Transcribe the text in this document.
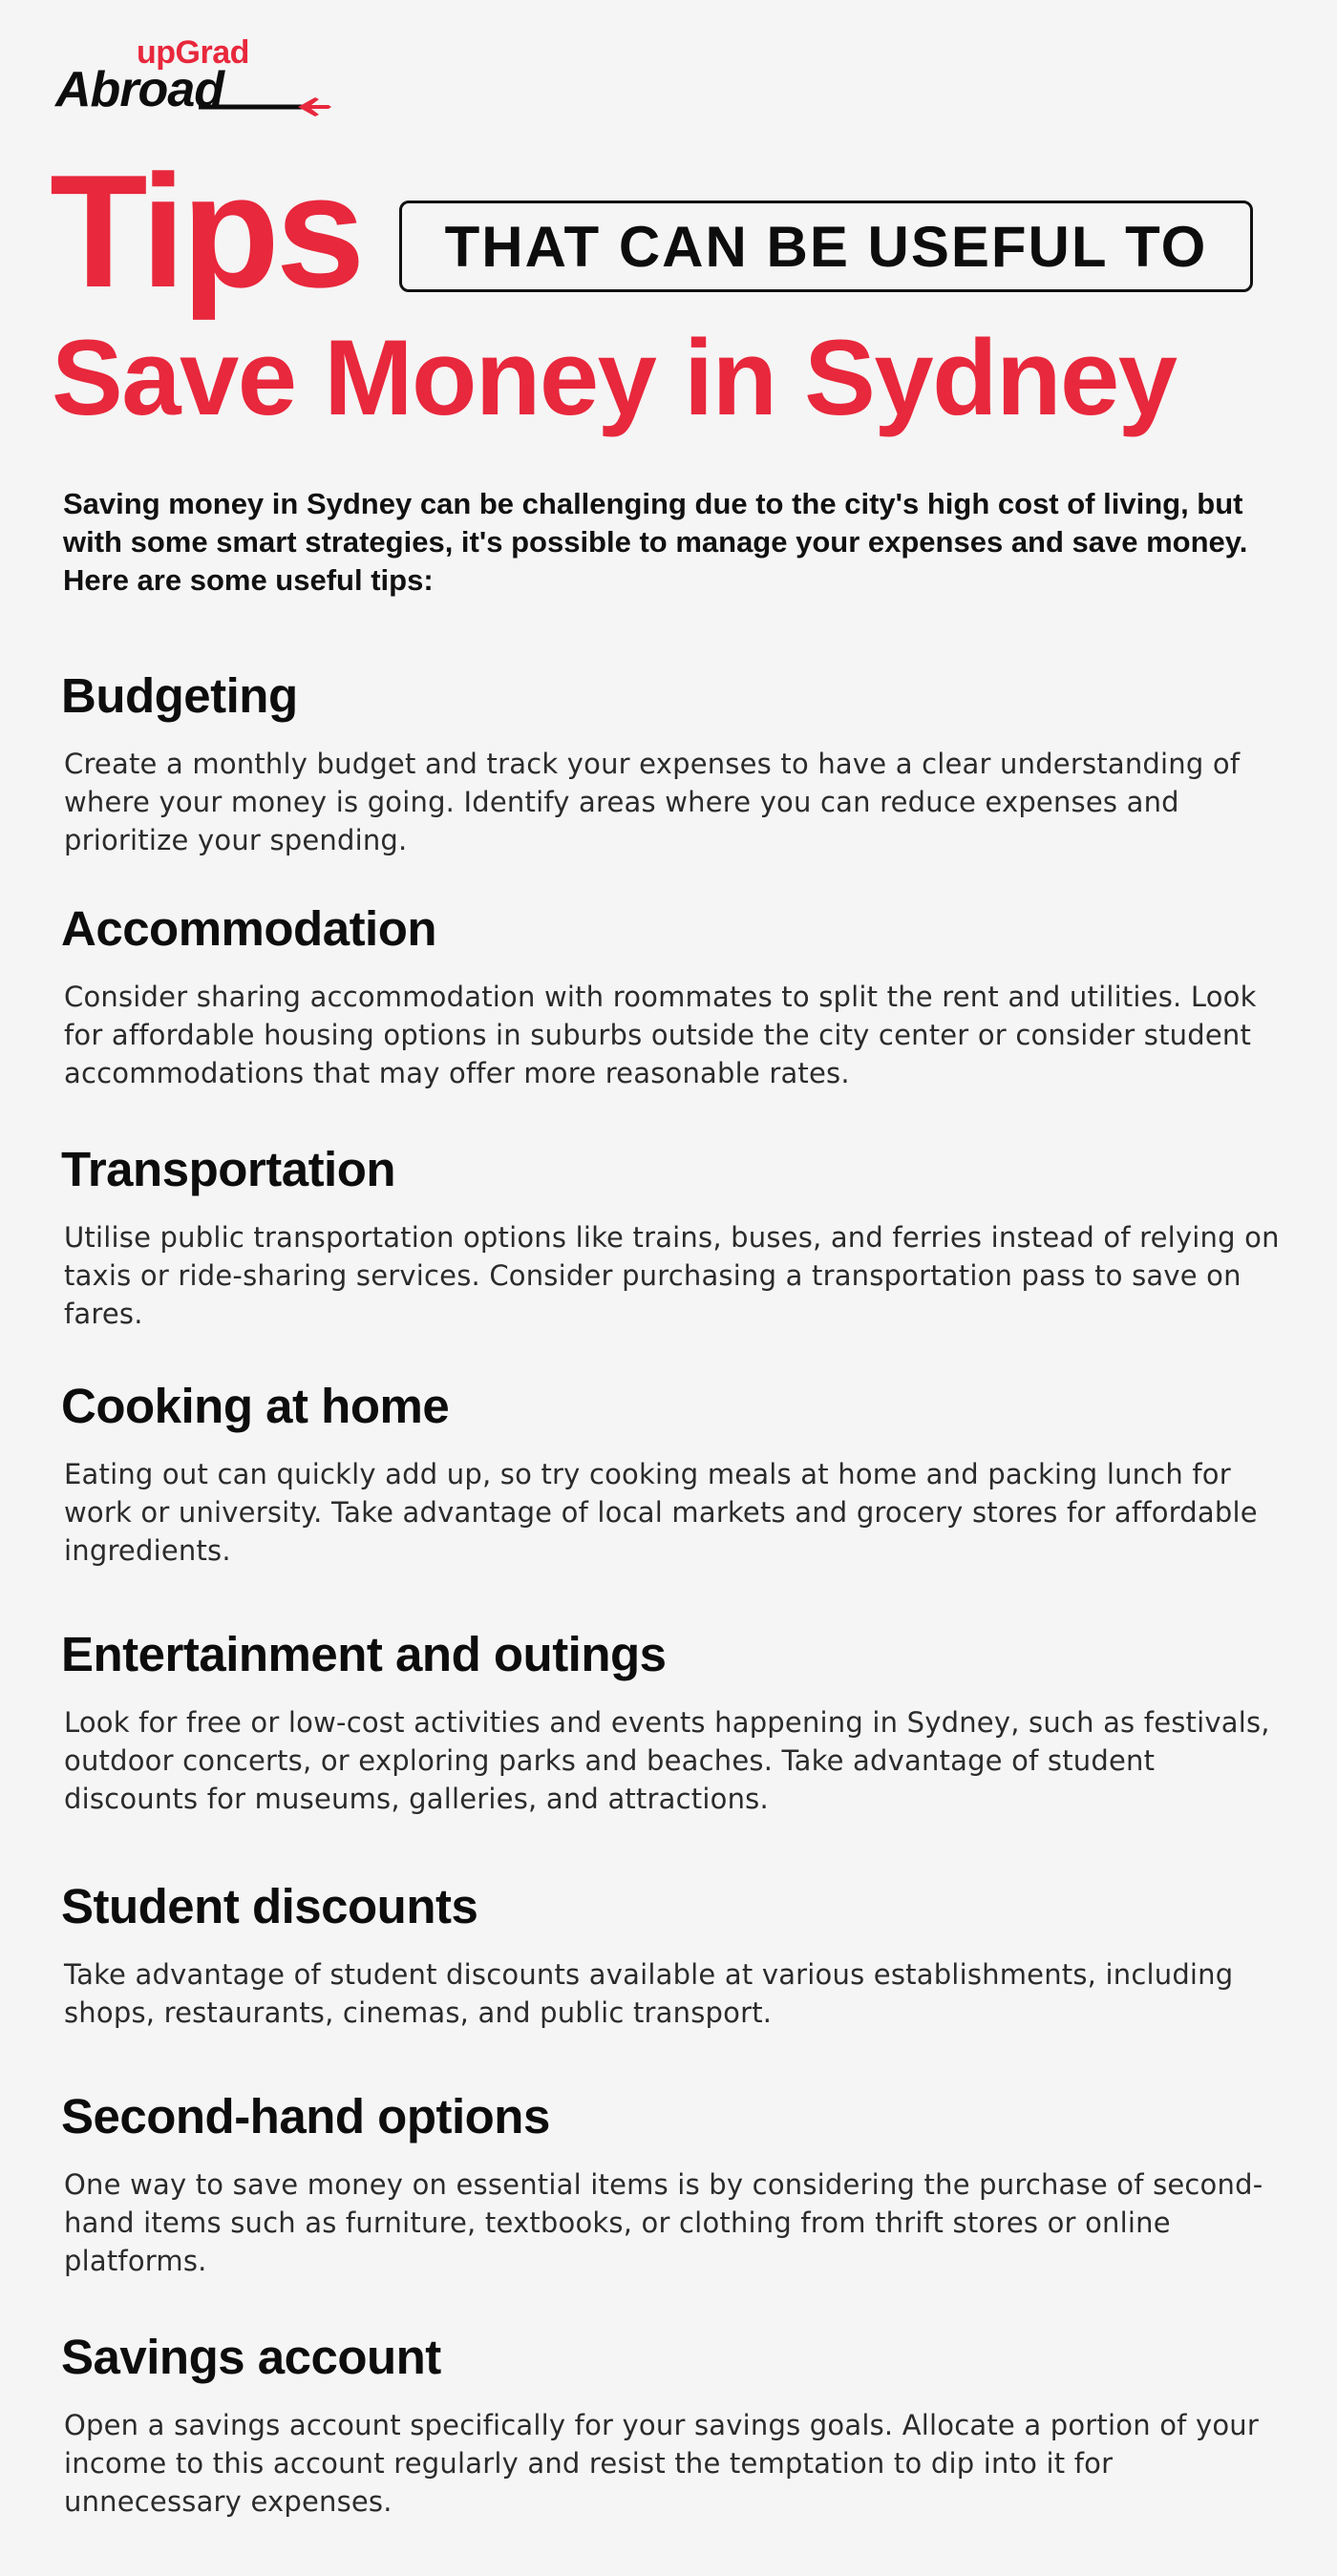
upGrad
Abroad
Tips	THAT CAN BE USEFUL TO
Save Money in Sydney
Saving money in Sydney can be challenging due to the city's high cost of living, but with some smart strategies, it's possible to manage your expenses and save money. Here are some useful tips:
Budgeting

Create a monthly budget and track your expenses to have a clear understanding of where your money is going. Identify areas where you can reduce expenses and prioritize your spending.

Accommodation

Consider sharing accommodation with roommates to split the rent and utilities. Look for affordable housing options in suburbs outside the city center or consider student accommodations that may offer more reasonable rates.

Transportation

Utilise public transportation options like trains, buses, and ferries instead of relying on taxis or ride-sharing services. Consider purchasing a transportation pass to save on fares.

Cooking at home

Eating out can quickly add up, so try cooking meals at home and packing lunch for work or university. Take advantage of local markets and grocery stores for affordable ingredients.

Entertainment and outings

Look for free or low-cost activities and events happening in Sydney, such as festivals, outdoor concerts, or exploring parks and beaches. Take advantage of student discounts for museums, galleries, and attractions.

Student discounts

Take advantage of student discounts available at various establishments, including shops, restaurants, cinemas, and public transport.

Second-hand options

One way to save money on essential items is by considering the purchase of second-hand items such as furniture, textbooks, or clothing from thrift stores or online platforms.

Savings account

Open a savings account specifically for your savings goals. Allocate a portion of your income to this account regularly and resist the temptation to dip into it for unnecessary expenses.
